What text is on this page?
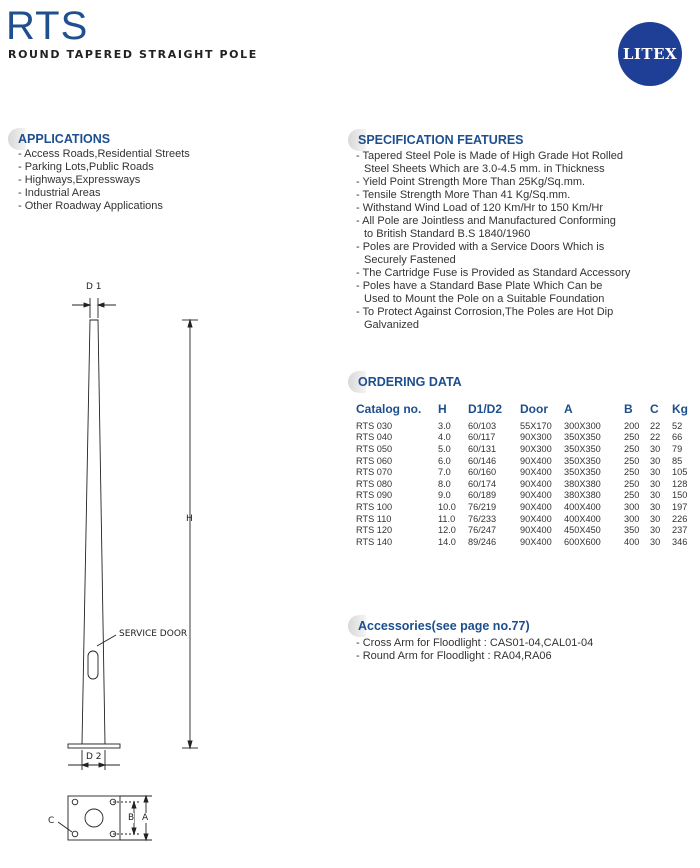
RTS
ROUND TAPERED STRAIGHT POLE	LITEX
APPLICATIONS
- Access Roads,Residential Streets
- Parking Lots,Public Roads
- Highways,Expressways
- Industrial Areas
- Other Roadway Applications
SPECIFICATION FEATURES
- Tapered Steel Pole is Made of High Grade Hot Rolled
Steel Sheets Which are 3.0-4.5 mm. in Thickness
- Yield Point Strength More Than 25Kg/Sq.mm.
- Tensile Strength More Than 41 Kg/Sq.mm.
- Withstand Wind Load of 120 Km/Hr to 150 Km/Hr
- All Pole are Jointless and Manufactured Conforming
to British Standard B.S 1840/1960
- Poles are Provided with a Service Doors Which is
Securely Fastened
- The Cartridge Fuse is Provided as Standard Accessory
- Poles have a Standard Base Plate Which Can be
Used to Mount the Pole on a Suitable Foundation
- To Protect Against Corrosion,The Poles are Hot Dip
Galvanized
ORDERING DATA
Catalog no.	H	D1/D2	Door	A	B	C	Kg
RTS 030	3.0	60/103	55X170	300X300	200	22	52
RTS 040	4.0	60/117	90X300	350X350	250	22	66
RTS 050	5.0	60/131	90X300	350X350	250	30	79
RTS 060	6.0	60/146	90X400	350X350	250	30	85
RTS 070	7.0	60/160	90X400	350X350	250	30	105
RTS 080	8.0	60/174	90X400	380X380	250	30	128
RTS 090	9.0	60/189	90X400	380X380	250	30	150
RTS 100	10.0	76/219	90X400	400X400	300	30	197
RTS 110	11.0	76/233	90X400	400X400	300	30	226
RTS 120	12.0	76/247	90X400	450X450	350	30	237
RTS 140	14.0	89/246	90X400	600X600	400	30	346
Accessories(see page no.77)
- Cross Arm for Floodlight : CAS01-04,CAL01-04
- Round Arm for Floodlight : RA04,RA06
D 1
D 2
H
SERVICE DOOR
B A
C
